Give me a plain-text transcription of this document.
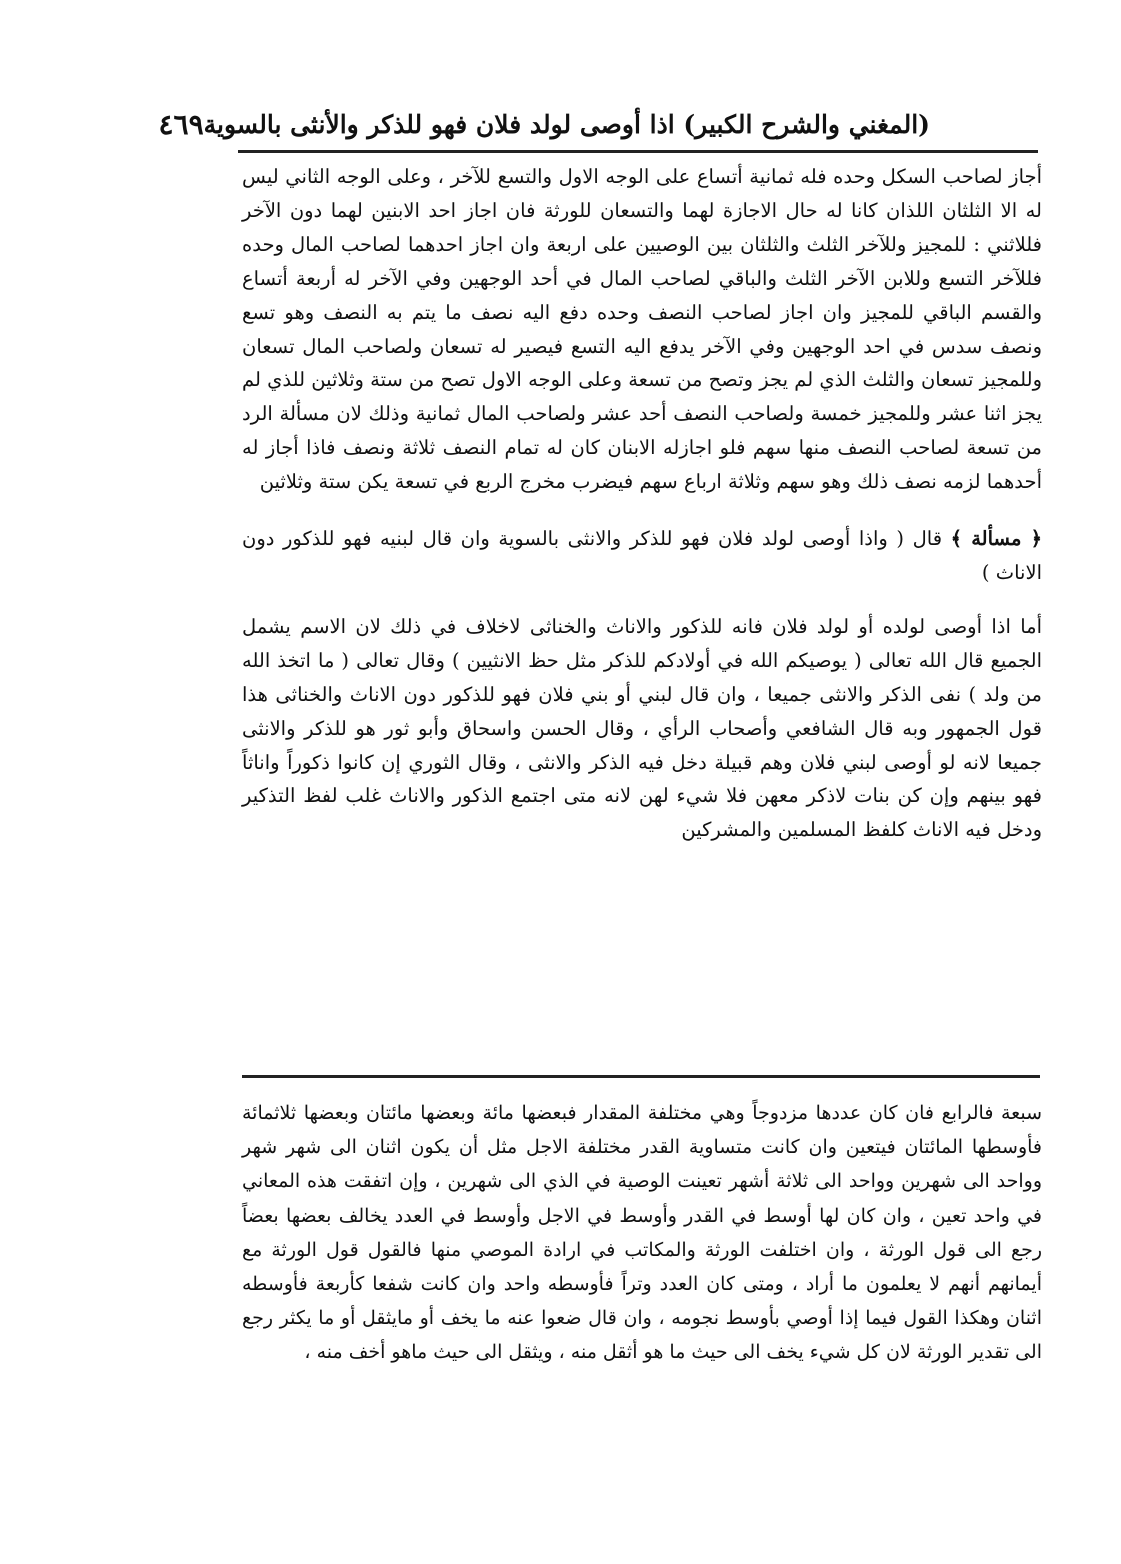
(المغني والشرح الكبير) اذا أوصى لولد فلان فهو للذكر والأنثى بالسوية
٤٦٩

أجاز لصاحب السكل وحده فله ثمانية أتساع على الوجه الاول والتسع للآخر ، وعلى الوجه الثاني ليس له الا الثلثان اللذان كانا له حال الاجازة لهما والتسعان للورثة فان اجاز احد الابنين لهما دون الآخر فللاثني : للمجيز وللآخر الثلث والثلثان بين الوصيين على اربعة وان اجاز احدهما لصاحب المال وحده فللآخر التسع وللابن الآخر الثلث والباقي لصاحب المال في أحد الوجهين وفي الآخر له أربعة أتساع والقسم الباقي للمجيز وان اجاز لصاحب النصف وحده دفع اليه نصف ما يتم به النصف وهو تسع ونصف سدس في احد الوجهين وفي الآخر يدفع اليه التسع فيصير له تسعان ولصاحب المال تسعان وللمجيز تسعان والثلث الذي لم يجز وتصح من تسعة وعلى الوجه الاول تصح من ستة وثلاثين للذي لم يجز اثنا عشر وللمجيز خمسة ولصاحب النصف أحد عشر ولصاحب المال ثمانية وذلك لان مسألة الرد من تسعة لصاحب النصف منها سهم فلو اجازله الابنان كان له تمام النصف ثلاثة ونصف فاذا أجاز له أحدهما لزمه نصف ذلك وهو سهم وثلاثة ارباع سهم فيضرب مخرج الربع في تسعة يكن ستة وثلاثين

﴿ مسألة ﴾ قال ( واذا أوصى لولد فلان فهو للذكر والانثى بالسوية وان قال لبنيه فهو للذكور دون الاناث )

أما اذا أوصى لولده أو لولد فلان فانه للذكور والاناث والخناثى لاخلاف في ذلك لان الاسم يشمل الجميع قال الله تعالى ( يوصيكم الله في أولادكم للذكر مثل حظ الانثيين ) وقال تعالى ( ما اتخذ الله من ولد ) نفى الذكر والانثى جميعا ، وان قال لبني أو بني فلان فهو للذكور دون الاناث والخناثى هذا قول الجمهور وبه قال الشافعي وأصحاب الرأي ، وقال الحسن واسحاق وأبو ثور هو للذكر والانثى جميعا لانه لو أوصى لبني فلان وهم قبيلة دخل فيه الذكر والانثى ، وقال الثوري إن كانوا ذكوراً واناثاً فهو بينهم وإن كن بنات لاذكر معهن فلا شيء لهن لانه متى اجتمع الذكور والاناث غلب لفظ التذكير ودخل فيه الاناث كلفظ المسلمين والمشركين

سبعة فالرابع فان كان عددها مزدوجاً وهي مختلفة المقدار فبعضها مائة وبعضها مائتان وبعضها ثلاثمائة فأوسطها المائتان فيتعين وان كانت متساوية القدر مختلفة الاجل مثل أن يكون اثنان الى شهر شهر وواحد الى شهرين وواحد الى ثلاثة أشهر تعينت الوصية في الذي الى شهرين ، وإن اتفقت هذه المعاني في واحد تعين ، وان كان لها أوسط في القدر وأوسط في الاجل وأوسط في العدد يخالف بعضها بعضاً رجع الى قول الورثة ، وان اختلفت الورثة والمكاتب في ارادة الموصي منها فالقول قول الورثة مع أيمانهم أنهم لا يعلمون ما أراد ، ومتى كان العدد وتراً فأوسطه واحد وان كانت شفعا كأربعة فأوسطه اثنان وهكذا القول فيما إذا أوصي بأوسط نجومه ، وان قال ضعوا عنه ما يخف أو مايثقل أو ما يكثر رجع الى تقدير الورثة لان كل شيء يخف الى حيث ما هو أثقل منه ، ويثقل الى حيث ماهو أخف منه ،
